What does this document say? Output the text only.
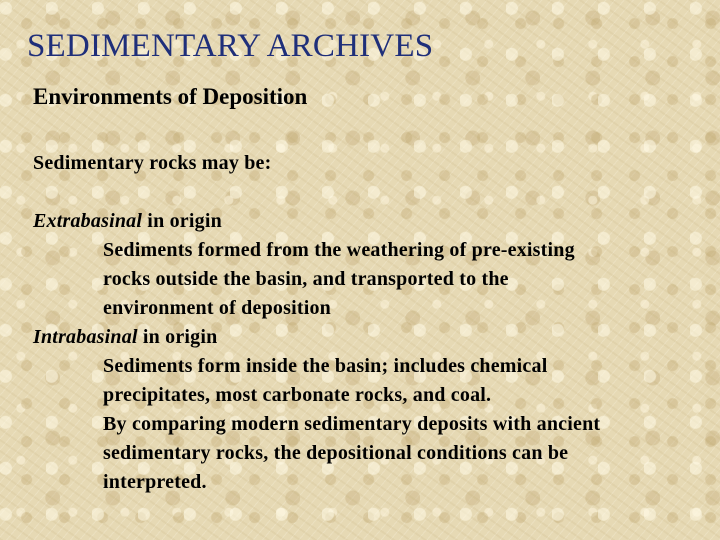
SEDIMENTARY ARCHIVES
Environments of Deposition
Sedimentary rocks may be:
Extrabasinal in origin
Sediments formed from the weathering of pre-existing
rocks outside the basin, and transported to the
environment of deposition
Intrabasinal in origin
Sediments form inside the basin; includes chemical
precipitates, most carbonate rocks, and coal.
By comparing modern sedimentary deposits with ancient
sedimentary rocks, the depositional conditions can be
interpreted.
